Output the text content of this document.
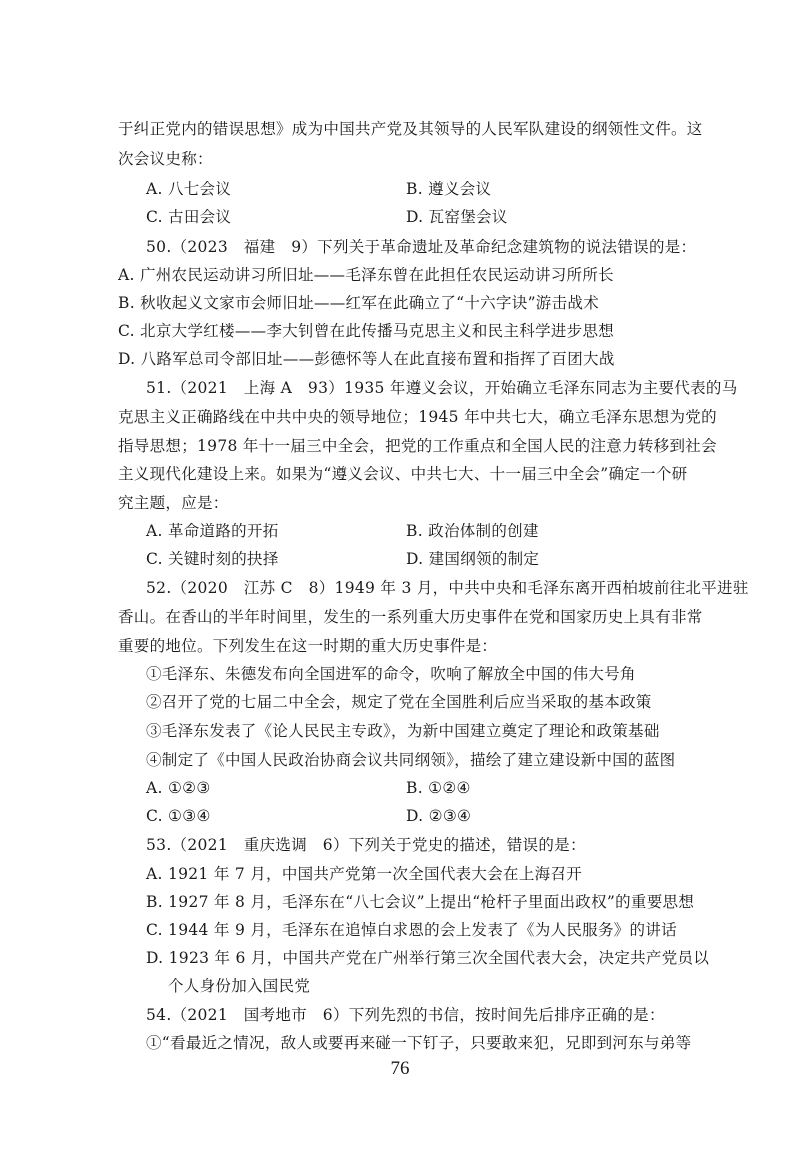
于纠正党内的错误思想》成为中国共产党及其领导的人民军队建设的纲领性文件。这
次会议史称：
A. 八七会议	B. 遵义会议
C. 古田会议	D. 瓦窑堡会议
50.（2023　福建　9）下列关于革命遗址及革命纪念建筑物的说法错误的是：
A. 广州农民运动讲习所旧址——毛泽东曾在此担任农民运动讲习所所长
B. 秋收起义文家市会师旧址——红军在此确立了“十六字诀”游击战术
C. 北京大学红楼——李大钊曾在此传播马克思主义和民主科学进步思想
D. 八路军总司令部旧址——彭德怀等人在此直接布置和指挥了百团大战
51.（2021　上海 A　93）1935 年遵义会议，开始确立毛泽东同志为主要代表的马
克思主义正确路线在中共中央的领导地位；1945 年中共七大，确立毛泽东思想为党的
指导思想；1978 年十一届三中全会，把党的工作重点和全国人民的注意力转移到社会
主义现代化建设上来。如果为“遵义会议、中共七大、十一届三中全会”确定一个研
究主题，应是：
A. 革命道路的开拓	B. 政治体制的创建
C. 关键时刻的抉择	D. 建国纲领的制定
52.（2020　江苏 C　8）1949 年 3 月，中共中央和毛泽东离开西柏坡前往北平进驻
香山。在香山的半年时间里，发生的一系列重大历史事件在党和国家历史上具有非常
重要的地位。下列发生在这一时期的重大历史事件是：
①毛泽东、朱德发布向全国进军的命令，吹响了解放全中国的伟大号角
②召开了党的七届二中全会，规定了党在全国胜利后应当采取的基本政策
③毛泽东发表了《论人民民主专政》，为新中国建立奠定了理论和政策基础
④制定了《中国人民政治协商会议共同纲领》，描绘了建立建设新中国的蓝图
A. ①②③	B. ①②④
C. ①③④	D. ②③④
53.（2021　重庆选调　6）下列关于党史的描述，错误的是：
A. 1921 年 7 月，中国共产党第一次全国代表大会在上海召开
B. 1927 年 8 月，毛泽东在“八七会议”上提出“枪杆子里面出政权”的重要思想
C. 1944 年 9 月，毛泽东在追悼白求恩的会上发表了《为人民服务》的讲话
D. 1923 年 6 月，中国共产党在广州举行第三次全国代表大会，决定共产党员以
个人身份加入国民党
54.（2021　国考地市　6）下列先烈的书信，按时间先后排序正确的是：
①“看最近之情况，敌人或要再来碰一下钉子，只要敢来犯，兄即到河东与弟等
76
